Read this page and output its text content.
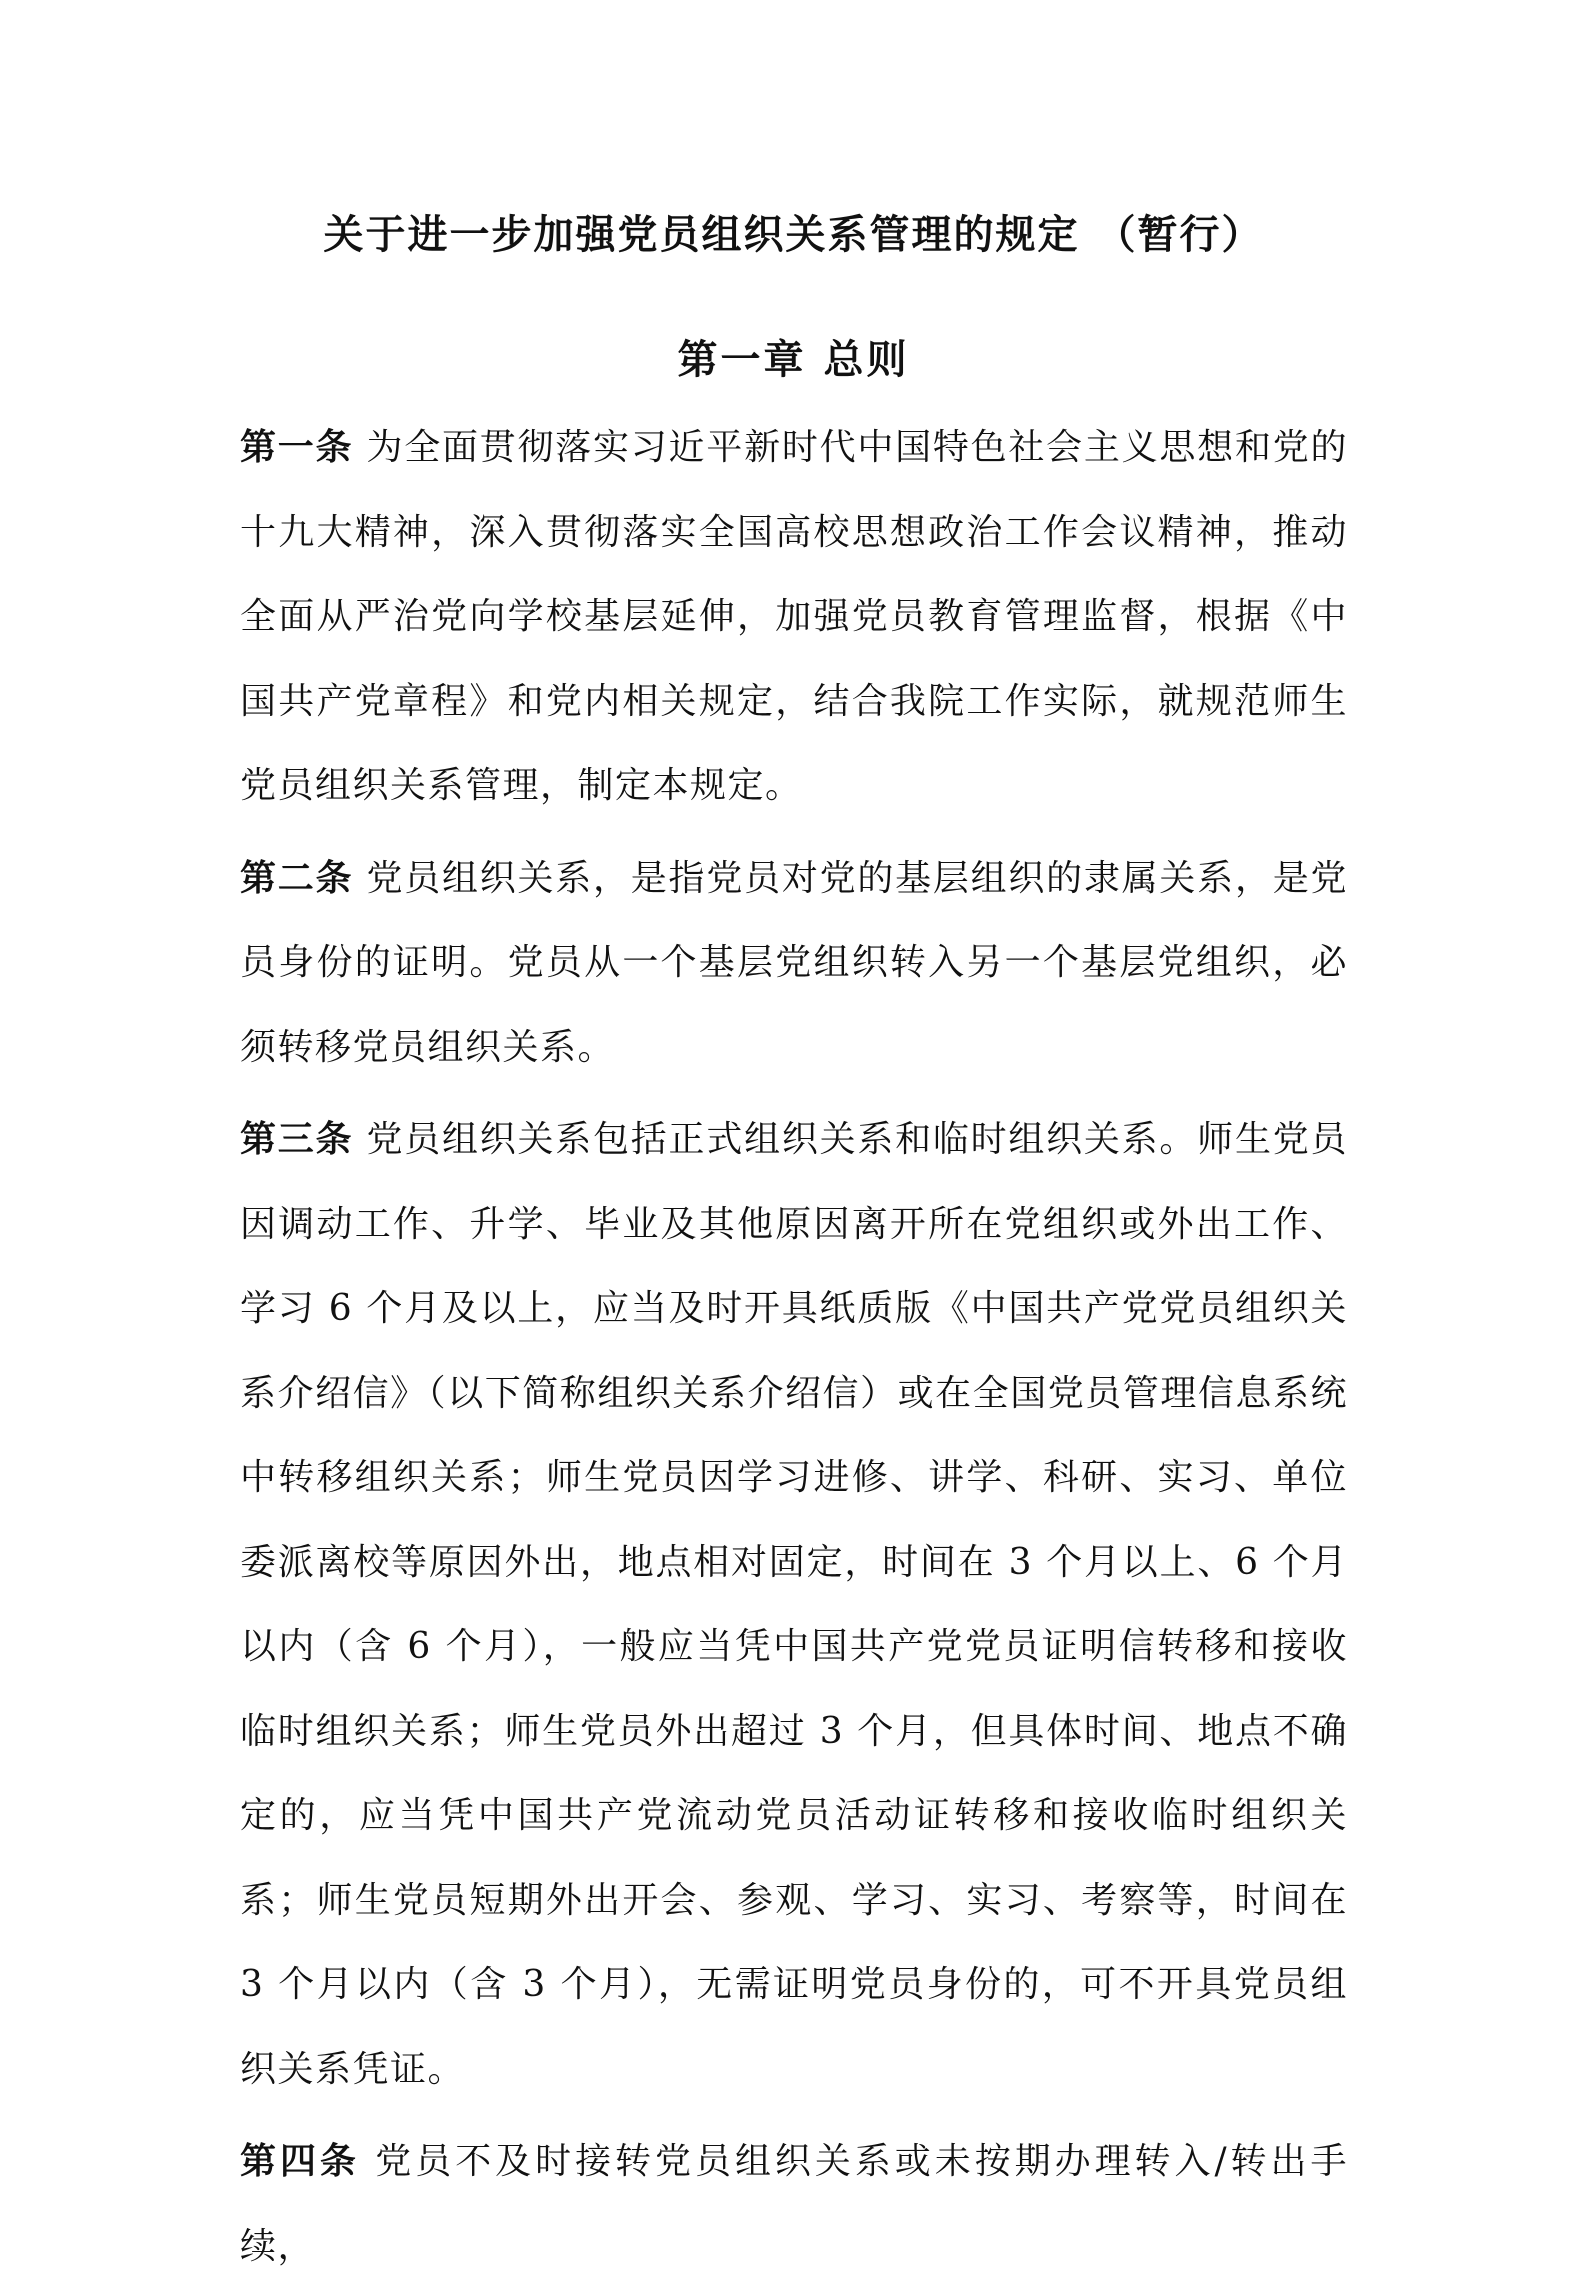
关于进一步加强党员组织关系管理的规定 （暂行）
第一章 总则

第一条 为全面贯彻落实习近平新时代中国特色社会主义思想和党的十九大精神，深入贯彻落实全国高校思想政治工作会议精神，推动全面从严治党向学校基层延伸，加强党员教育管理监督，根据《中国共产党章程》和党内相关规定，结合我院工作实际，就规范师生党员组织关系管理，制定本规定。

第二条 党员组织关系，是指党员对党的基层组织的隶属关系，是党员身份的证明。党员从一个基层党组织转入另一个基层党组织，必须转移党员组织关系。

第三条 党员组织关系包括正式组织关系和临时组织关系。师生党员因调动工作、升学、毕业及其他原因离开所在党组织或外出工作、学习 6 个月及以上，应当及时开具纸质版《中国共产党党员组织关系介绍信》（以下简称组织关系介绍信）或在全国党员管理信息系统中转移组织关系；师生党员因学习进修、讲学、科研、实习、单位委派离校等原因外出，地点相对固定，时间在 3 个月以上、6 个月以内（含 6 个月），一般应当凭中国共产党党员证明信转移和接收临时组织关系；师生党员外出超过 3 个月，但具体时间、地点不确定的，应当凭中国共产党流动党员活动证转移和接收临时组织关系；师生党员短期外出开会、参观、学习、实习、考察等，时间在 3 个月以内（含 3 个月），无需证明党员身份的，可不开具党员组织关系凭证。

第四条 党员不及时接转党员组织关系或未按期办理转入/转出手续，
